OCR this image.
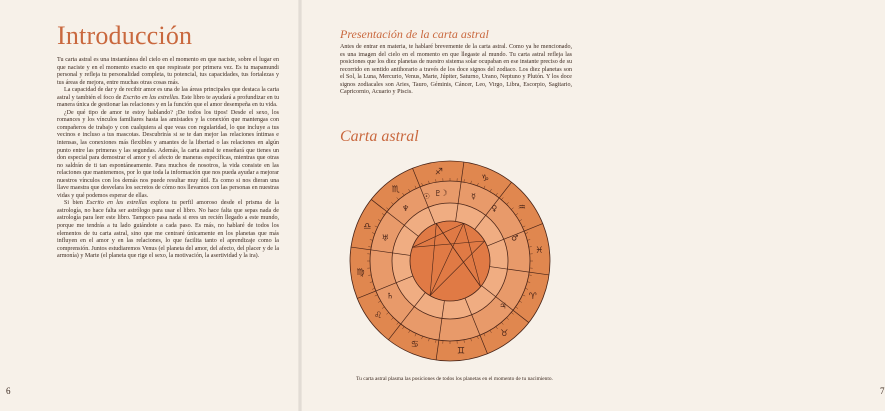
Introducción

Tu carta astral es una instantánea del cielo en el momento en que naciste, sobre el lugar en que naciste y en el momento exacto en que respiraste por primera vez. Es tu mapamundi personal y refleja tu personalidad completa, tu potencial, tus capacidades, tus fortalezas y tus áreas de mejora, entre muchas otras cosas más.

La capacidad de dar y de recibir amor es una de las áreas principales que destaca la carta astral y también el foco de Escrito en las estrellas. Este libro te ayudará a profundizar en tu manera única de gestionar las relaciones y en la función que el amor desempeña en tu vida.

¿De qué tipo de amor te estoy hablando? ¡De todos los tipos! Desde el sexo, los romances y los vínculos familiares hasta las amistades y la conexión que mantengas con compañeros de trabajo y con cualquiera al que veas con regularidad, lo que incluye a tus vecinos e incluso a tus mascotas. Descubrirás si se te dan mejor las relaciones íntimas e intensas, las conexiones más flexibles y amantes de la libertad o las relaciones en algún punto entre las primeras y las segundas. Además, la carta astral te enseñará que tienes un don especial para demostrar el amor y el afecto de maneras específicas, mientras que otras no saldrán de ti tan espontáneamente. Para muchos de nosotros, la vida consiste en las relaciones que mantenemos, por lo que toda la información que nos pueda ayudar a mejorar nuestros vínculos con los demás nos puede resultar muy útil. Es como si nos dieran una llave maestra que desvelara los secretos de cómo nos llevamos con las personas en nuestras vidas y qué podemos esperar de ellas.

Si bien Escrito en las estrellas explora tu perfil amoroso desde el prisma de la astrología, no hace falta ser astrólogo para usar el libro. No hace falta que sepas nada de astrología para leer este libro. Tampoco pasa nada si eres un recién llegado a este mundo, porque me tendrás a tu lado guiándote a cada paso. Es más, no hablaré de todos los elementos de tu carta astral, sino que me centraré únicamente en los planetas que más influyen en el amor y en las relaciones, lo que facilita tanto el aprendizaje como la comprensión. Juntos estudiaremos Venus (el planeta del amor, del afecto, del placer y de la armonía) y Marte (el planeta que rige el sexo, la motivación, la asertividad y la ira).

6
Presentación de la carta astral

Antes de entrar en materia, te hablaré brevemente de la carta astral. Como ya he mencionado, es una imagen del cielo en el momento en que llegaste al mundo. Tu carta astral refleja las posiciones que los diez planetas de nuestro sistema solar ocupaban en ese instante preciso de su recorrido en sentido antihorario a través de los doce signos del zodiaco. Los diez planetas son el Sol, la Luna, Mercurio, Venus, Marte, Júpiter, Saturno, Urano, Neptuno y Plutón. Y los doce signos zodiacales son Aries, Tauro, Géminis, Cáncer, Leo, Virgo, Libra, Escorpio, Sagitario, Capricornio, Acuario y Piscis.

Carta astral
♈
♉
♊
♋
♌
♍
♎
♏
♐
♑
♒
♓
☉ ☽	☿
♀
♂
♃
♄
♅
♆
♇

Tu carta astral plasma las posiciones de todos los planetas en el momento de tu nacimiento.

7
